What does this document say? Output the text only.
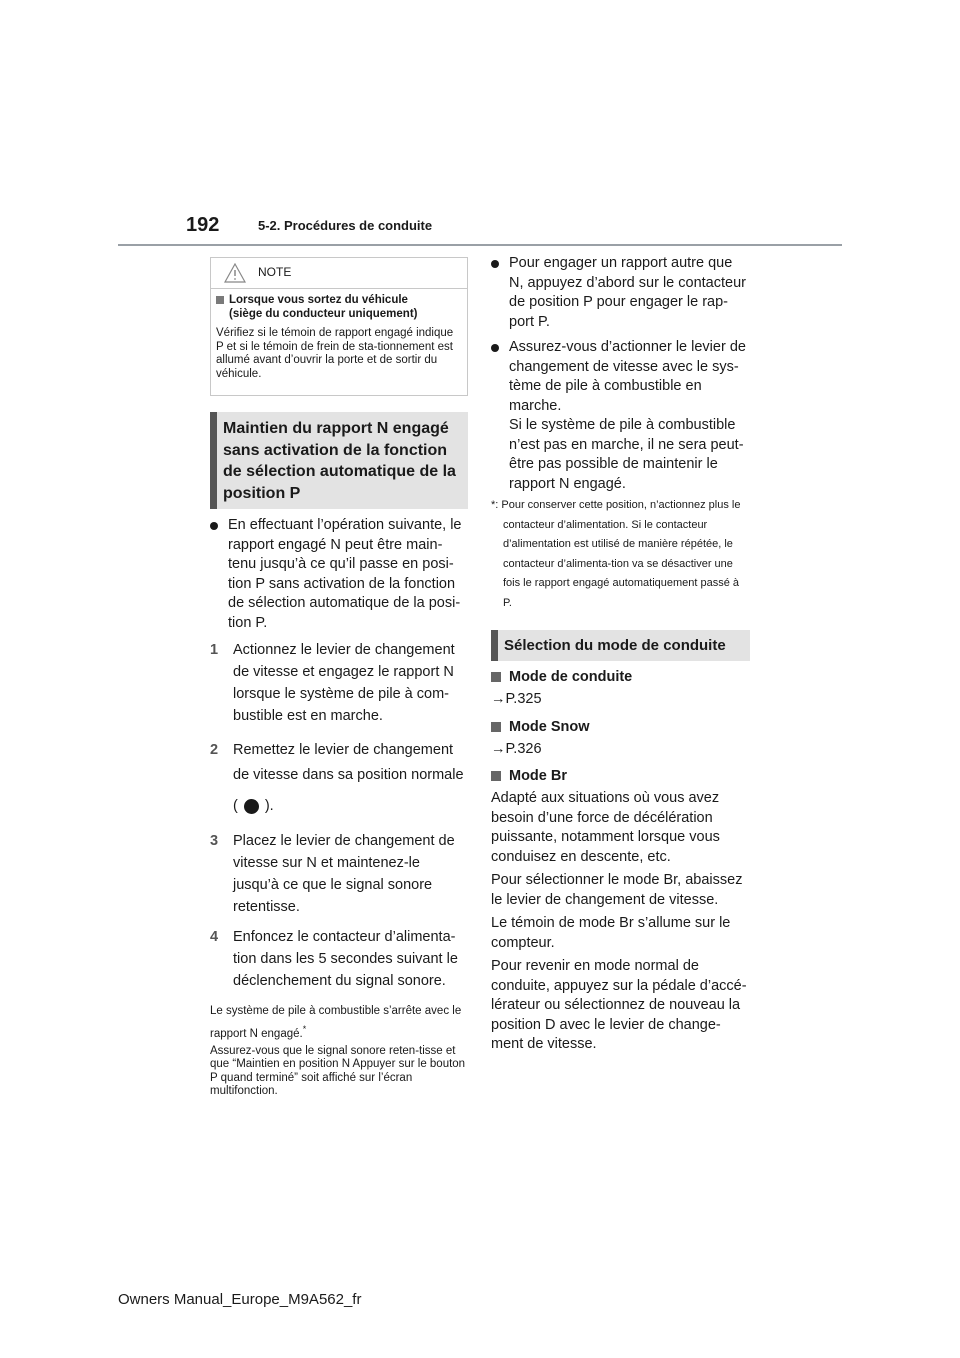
192	5-2. Procédures de conduite
NOTE
Lorsque vous sortez du véhicule
(siège du conducteur uniquement)
Vérifiez si le témoin de rapport engagé indique P et si le témoin de frein de sta-tionnement est allumé avant d’ouvrir la porte et de sortir du véhicule.
Maintien du rapport N engagé sans activation de la fonction de sélection automatique de la position P
En effectuant l’opération suivante, le rapport engagé N peut être main-tenu jusqu’à ce qu’il passe en posi-tion P sans activation de la fonction de sélection automatique de la posi-tion P.
1 Actionnez le levier de changement de vitesse et engagez le rapport N lorsque le système de pile à com-bustible est en marche.
2 Remettez le levier de changement de vitesse dans sa position normale
( ).
3 Placez le levier de changement de vitesse sur N et maintenez-le jusqu’à ce que le signal sonore retentisse.
4 Enfoncez le contacteur d’alimenta-tion dans les 5 secondes suivant le déclenchement du signal sonore.
Le système de pile à combustible s’arrête avec le rapport N engagé.*
Assurez-vous que le signal sonore reten-tisse et que “Maintien en position N Appuyer sur le bouton P quand terminé” soit affiché sur l’écran multifonction.
Pour engager un rapport autre que N, appuyez d’abord sur le contacteur de position P pour engager le rap-port P.
Assurez-vous d’actionner le levier de changement de vitesse avec le sys-tème de pile à combustible en marche.
Si le système de pile à combustible n’est pas en marche, il ne sera peut-être pas possible de maintenir le rapport N engagé.
*: Pour conserver cette position, n’actionnez plus le contacteur d’alimentation. Si le contacteur d’alimentation est utilisé de manière répétée, le contacteur d’alimenta-tion va se désactiver une fois le rapport engagé automatiquement passé à P.
Sélection du mode de conduite
Mode de conduite
→P.325
Mode Snow
→P.326
Mode Br
Adapté aux situations où vous avez besoin d’une force de décélération puissante, notamment lorsque vous conduisez en descente, etc.
Pour sélectionner le mode Br, abaissez le levier de changement de vitesse.
Le témoin de mode Br s’allume sur le compteur.
Pour revenir en mode normal de conduite, appuyez sur la pédale d’accé-lérateur ou sélectionnez de nouveau la position D avec le levier de change-ment de vitesse.
Owners Manual_Europe_M9A562_fr
